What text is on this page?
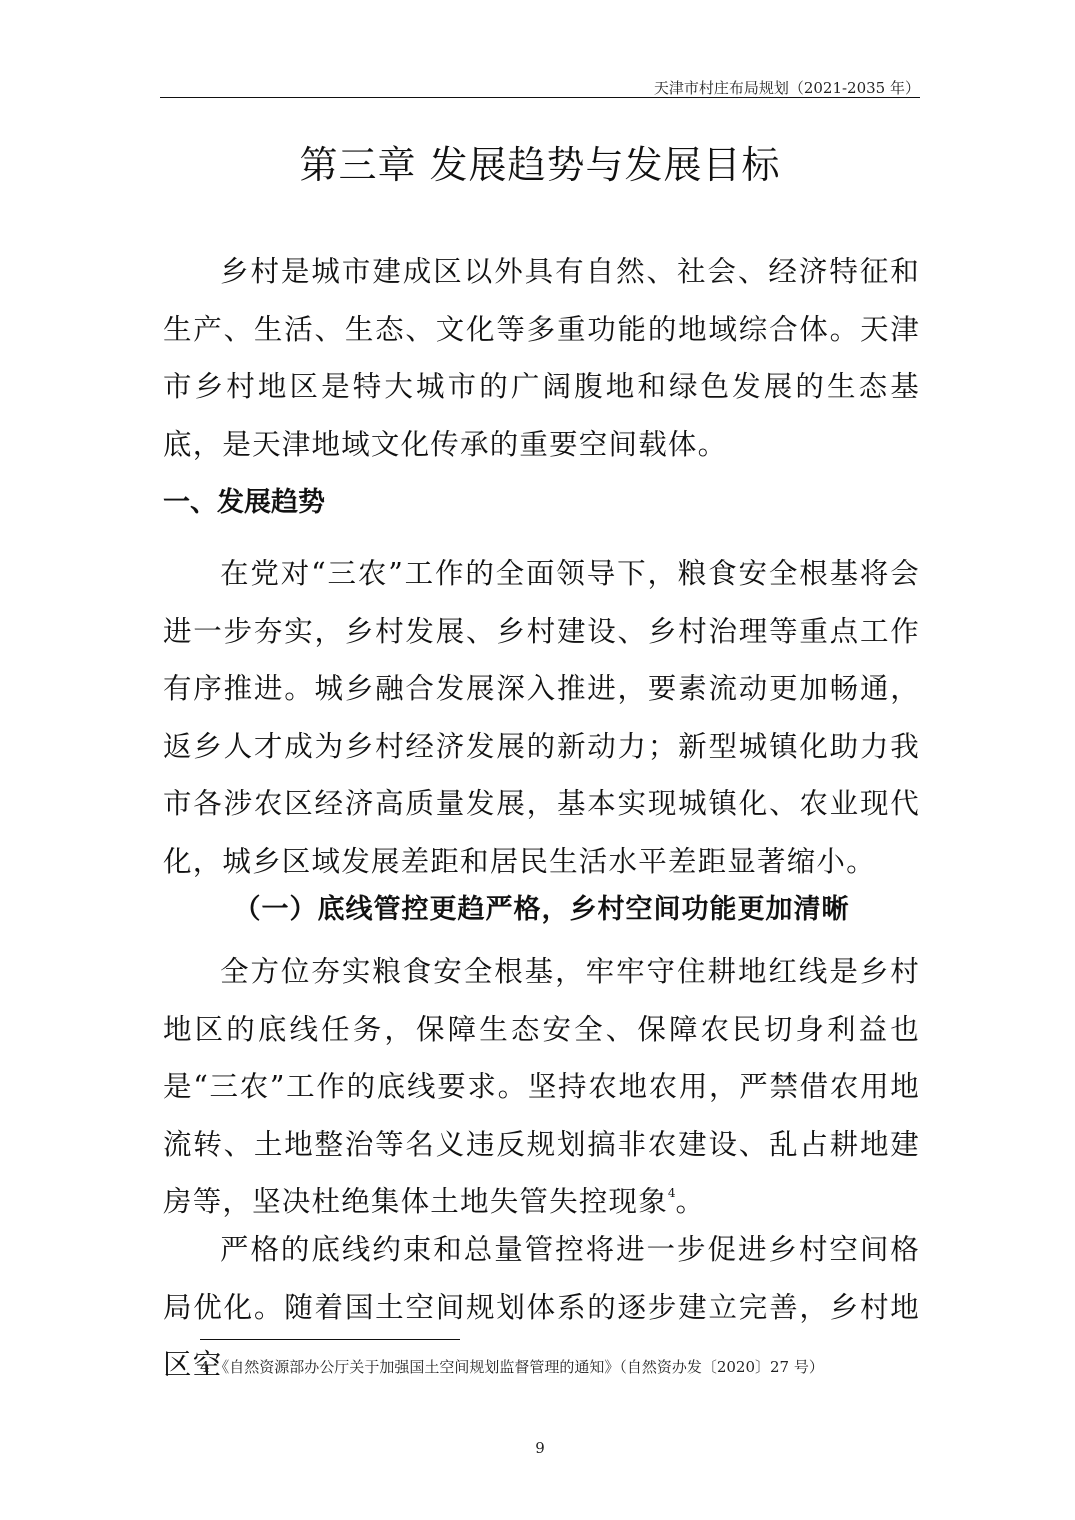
天津市村庄布局规划（2021-2035 年）
第三章 发展趋势与发展目标

乡村是城市建成区以外具有自然、社会、经济特征和生产、生活、生态、文化等多重功能的地域综合体。天津市乡村地区是特大城市的广阔腹地和绿色发展的生态基底，是天津地域文化传承的重要空间载体。

一、发展趋势

在党对“三农”工作的全面领导下，粮食安全根基将会进一步夯实，乡村发展、乡村建设、乡村治理等重点工作有序推进。城乡融合发展深入推进，要素流动更加畅通，返乡人才成为乡村经济发展的新动力；新型城镇化助力我市各涉农区经济高质量发展，基本实现城镇化、农业现代化，城乡区域发展差距和居民生活水平差距显著缩小。

（一）底线管控更趋严格，乡村空间功能更加清晰

全方位夯实粮食安全根基，牢牢守住耕地红线是乡村地区的底线任务，保障生态安全、保障农民切身利益也是“三农”工作的底线要求。坚持农地农用，严禁借农用地流转、土地整治等名义违反规划搞非农建设、乱占耕地建房等，坚决杜绝集体土地失管失控现象$^4$。

严格的底线约束和总量管控将进一步促进乡村空间格局优化。随着国土空间规划体系的逐步建立完善，乡村地区空

4 《自然资源部办公厅关于加强国土空间规划监督管理的通知》（自然资办发〔2020〕27 号）
9
